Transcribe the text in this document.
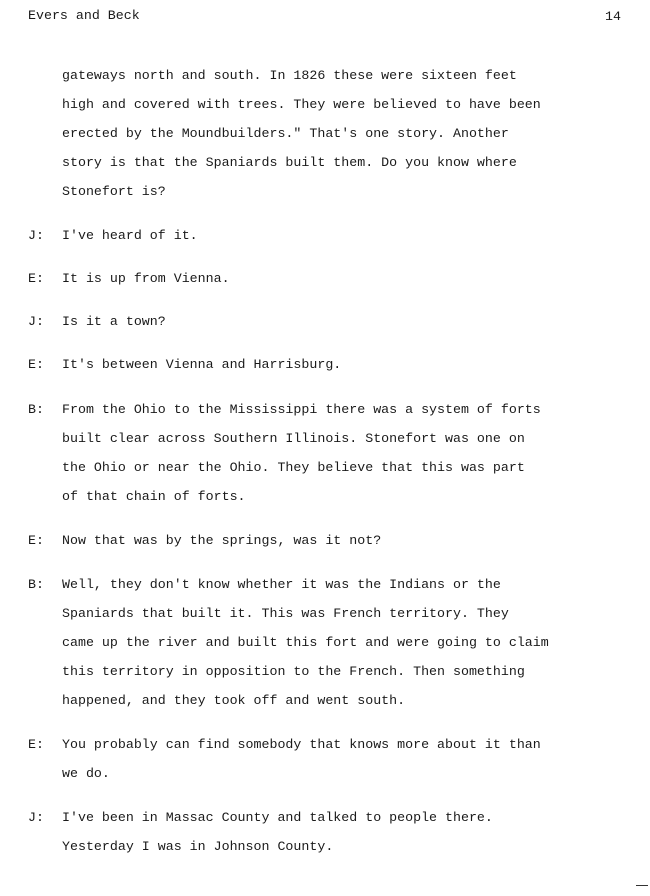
Evers and Beck	14
gateways north and south. In 1826 these were sixteen feet
high and covered with trees. They were believed to have been
erected by the Moundbuilders." That's one story. Another
story is that the Spaniards built them. Do you know where
Stonefort is?
J: I've heard of it.
E: It is up from Vienna.
J: Is it a town?
E: It's between Vienna and Harrisburg.
B: From the Ohio to the Mississippi there was a system of forts
built clear across Southern Illinois. Stonefort was one on
the Ohio or near the Ohio. They believe that this was part
of that chain of forts.
E: Now that was by the springs, was it not?
B: Well, they don't know whether it was the Indians or the
Spaniards that built it. This was French territory. They
came up the river and built this fort and were going to claim
this territory in opposition to the French. Then something
happened, and they took off and went south.
E: You probably can find somebody that knows more about it than
we do.
J: I've been in Massac County and talked to people there.
Yesterday I was in Johnson County.
